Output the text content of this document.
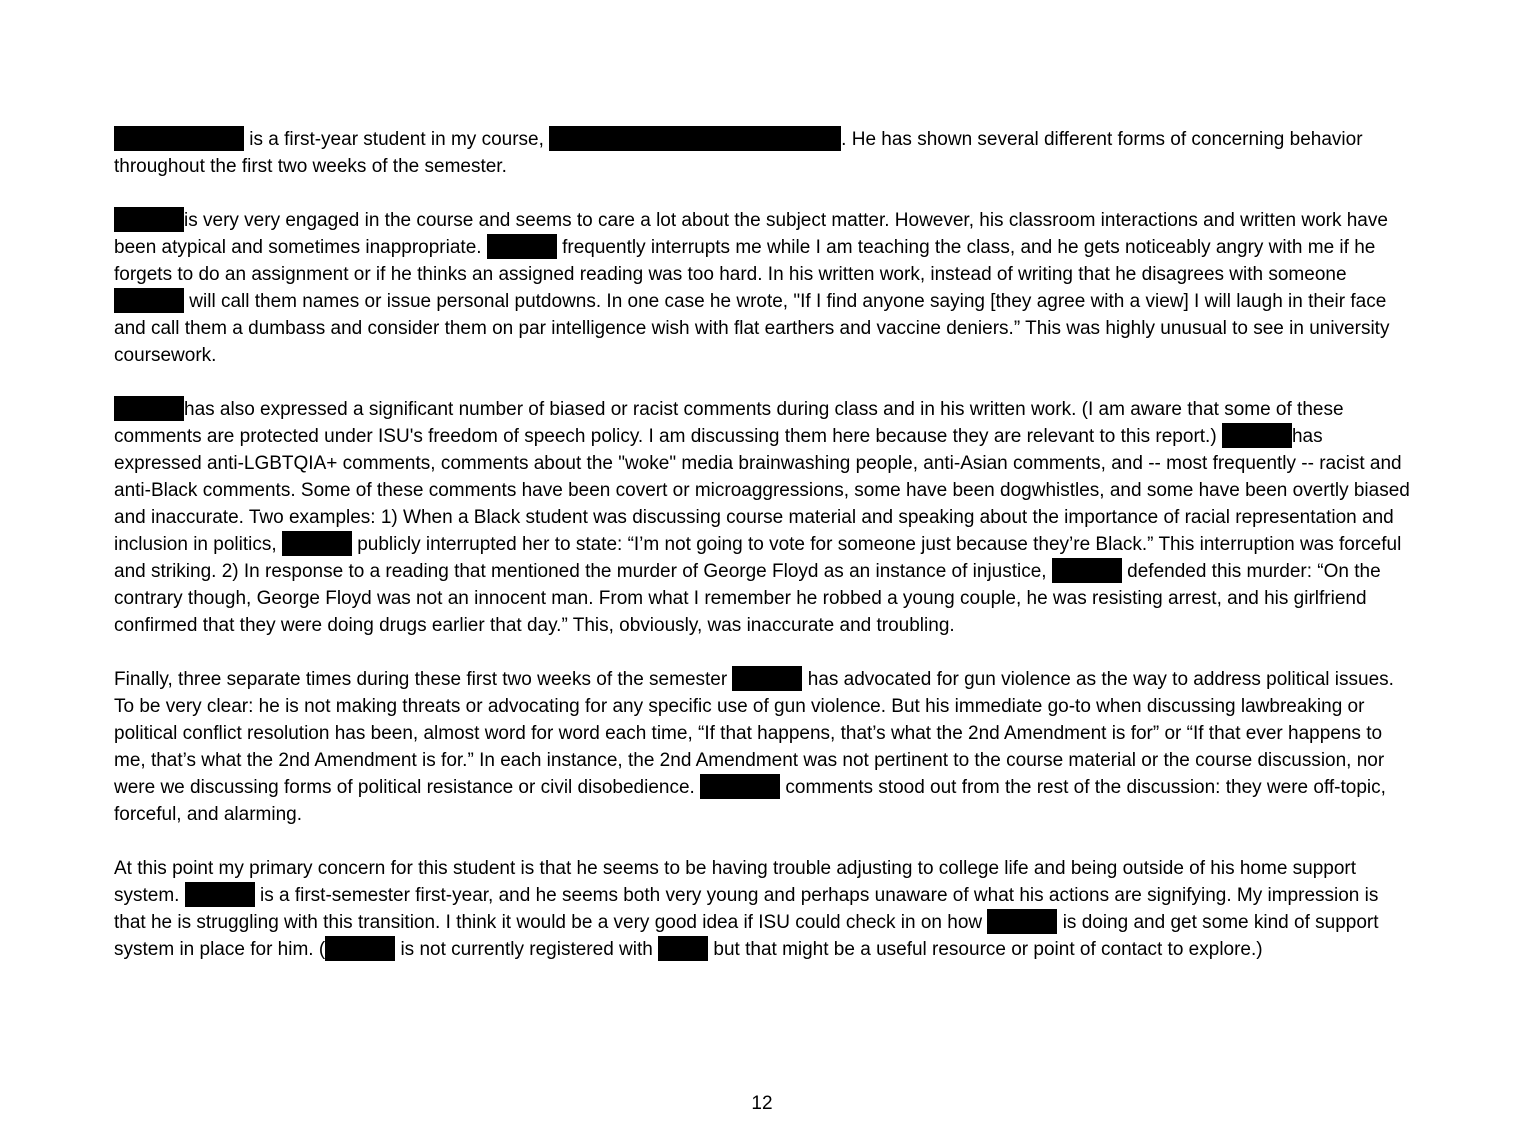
is a first-year student in my course,	. He has shown several different forms of concerning behavior throughout the first two weeks of the semester.

is very very engaged in the course and seems to care a lot about the subject matter. However, his classroom interactions and written work have been atypical and sometimes inappropriate.	frequently interrupts me while I am teaching the class, and he gets noticeably angry with me if he forgets to do an assignment or if he thinks an assigned reading was too hard. In his written work, instead of writing that he disagrees with someone  will call them names or issue personal putdowns. In one case he wrote, "If I find anyone saying [they agree with a view] I will laugh in their face and call them a dumbass and consider them on par intelligence wish with flat earthers and vaccine deniers.” This was highly unusual to see in university coursework.

has also expressed a significant number of biased or racist comments during class and in his written work. (I am aware that some of these comments are protected under ISU's freedom of speech policy. I am discussing them here because they are relevant to this report.)	has expressed anti-LGBTQIA+ comments, comments about the "woke" media brainwashing people, anti-Asian comments, and -- most frequently -- racist and anti-Black comments. Some of these comments have been covert or microaggressions, some have been dogwhistles, and some have been overtly biased and inaccurate. Two examples: 1) When a Black student was discussing course material and speaking about the importance of racial representation and inclusion in politics,	publicly interrupted her to state: “I’m not going to vote for someone just because they’re Black.” This interruption was forceful and striking. 2) In response to a reading that mentioned the murder of George Floyd as an instance of injustice,	defended this murder: “On the contrary though, George Floyd was not an innocent man. From what I remember he robbed a young couple, he was resisting arrest, and his girlfriend confirmed that they were doing drugs earlier that day.” This, obviously, was inaccurate and troubling.

Finally, three separate times during these first two weeks of the semester	has advocated for gun violence as the way to address political issues. To be very clear: he is not making threats or advocating for any specific use of gun violence. But his immediate go-to when discussing lawbreaking or political conflict resolution has been, almost word for word each time, “If that happens, that’s what the 2nd Amendment is for” or “If that ever happens to me, that’s what the 2nd Amendment is for.” In each instance, the 2nd Amendment was not pertinent to the course material or the course discussion, nor were we discussing forms of political resistance or civil disobedience.	comments stood out from the rest of the discussion: they were off-topic, forceful, and alarming.

At this point my primary concern for this student is that he seems to be having trouble adjusting to college life and being outside of his home support system.	is a first-semester first-year, and he seems both very young and perhaps unaware of what his actions are signifying. My impression is that he is struggling with this transition. I think it would be a very good idea if ISU could check in on how	is doing and get some kind of support system in place for him. (	is not currently registered with	but that might be a useful resource or point of contact to explore.)

12
